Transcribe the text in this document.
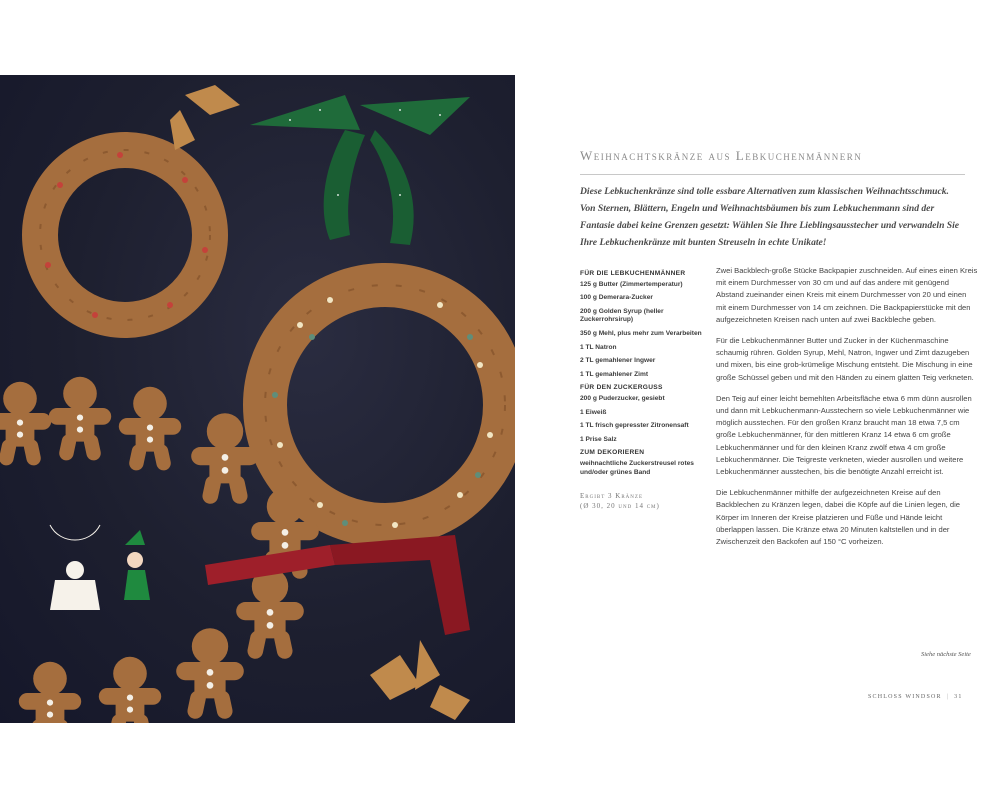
Weihnachtskränze aus Lebkuchenmännern
Diese Lebkuchenkränze sind tolle essbare Alternativen zum klassischen Weihnachtsschmuck. Von Sternen, Blättern, Engeln und Weihnachtsbäumen bis zum Lebkuchenmann sind der Fantasie dabei keine Grenzen gesetzt: Wählen Sie Ihre Lieblingsausstecher und verwandeln Sie Ihre Lebkuchenkränze mit bunten Streuseln in echte Unikate!
FÜR DIE LEBKUCHENMÄNNER
125 g Butter (Zimmertemperatur)
100 g Demerara-Zucker
200 g Golden Syrup (heller Zuckerrohrsirup)
350 g Mehl, plus mehr zum Verarbeiten
1 TL Natron
2 TL gemahlener Ingwer
1 TL gemahlener Zimt
FÜR DEN ZUCKERGUSS
200 g Puderzucker, gesiebt
1 Eiweiß
1 TL frisch gepresster Zitronensaft
1 Prise Salz
ZUM DEKORIEREN
weihnachtliche Zuckerstreusel rotes und/oder grünes Band
Ergibt 3 Kränze
(Ø 30, 20 und 14 cm)

Zwei Backblech-große Stücke Backpapier zuschneiden. Auf eines einen Kreis mit einem Durchmesser von 30 cm und auf das andere mit genügend Abstand zueinander einen Kreis mit einem Durchmesser von 20 und einen mit einem Durchmesser von 14 cm zeichnen. Die Backpapierstücke mit den aufgezeichneten Kreisen nach unten auf zwei Backbleche geben.

Für die Lebkuchenmänner Butter und Zucker in der Küchenmaschine schaumig rühren. Golden Syrup, Mehl, Natron, Ingwer und Zimt dazugeben und mixen, bis eine grob-krümelige Mischung entsteht. Die Mischung in eine große Schüssel geben und mit den Händen zu einem glatten Teig verkneten.

Den Teig auf einer leicht bemehlten Arbeitsfläche etwa 6 mm dünn ausrollen und dann mit Lebkuchenmann-Ausstechern so viele Lebkuchenmänner wie möglich ausstechen. Für den großen Kranz braucht man 18 etwa 7,5 cm große Lebkuchenmänner, für den mittleren Kranz 14 etwa 6 cm große Lebkuchenmänner und für den kleinen Kranz zwölf etwa 4 cm große Lebkuchenmänner. Die Teigreste verkneten, wieder ausrollen und weitere Lebkuchenmänner ausstechen, bis die benötigte Anzahl erreicht ist.

Die Lebkuchenmänner mithilfe der aufgezeichneten Kreise auf den Backblechen zu Kränzen legen, dabei die Köpfe auf die Linien legen, die Körper im Inneren der Kreise platzieren und Füße und Hände leicht überlappen lassen. Die Kränze etwa 20 Minuten kaltstellen und in der Zwischenzeit den Backofen auf 150 °C vorheizen.

Siehe nächste Seite
SCHLOSS WINDSOR | 31
